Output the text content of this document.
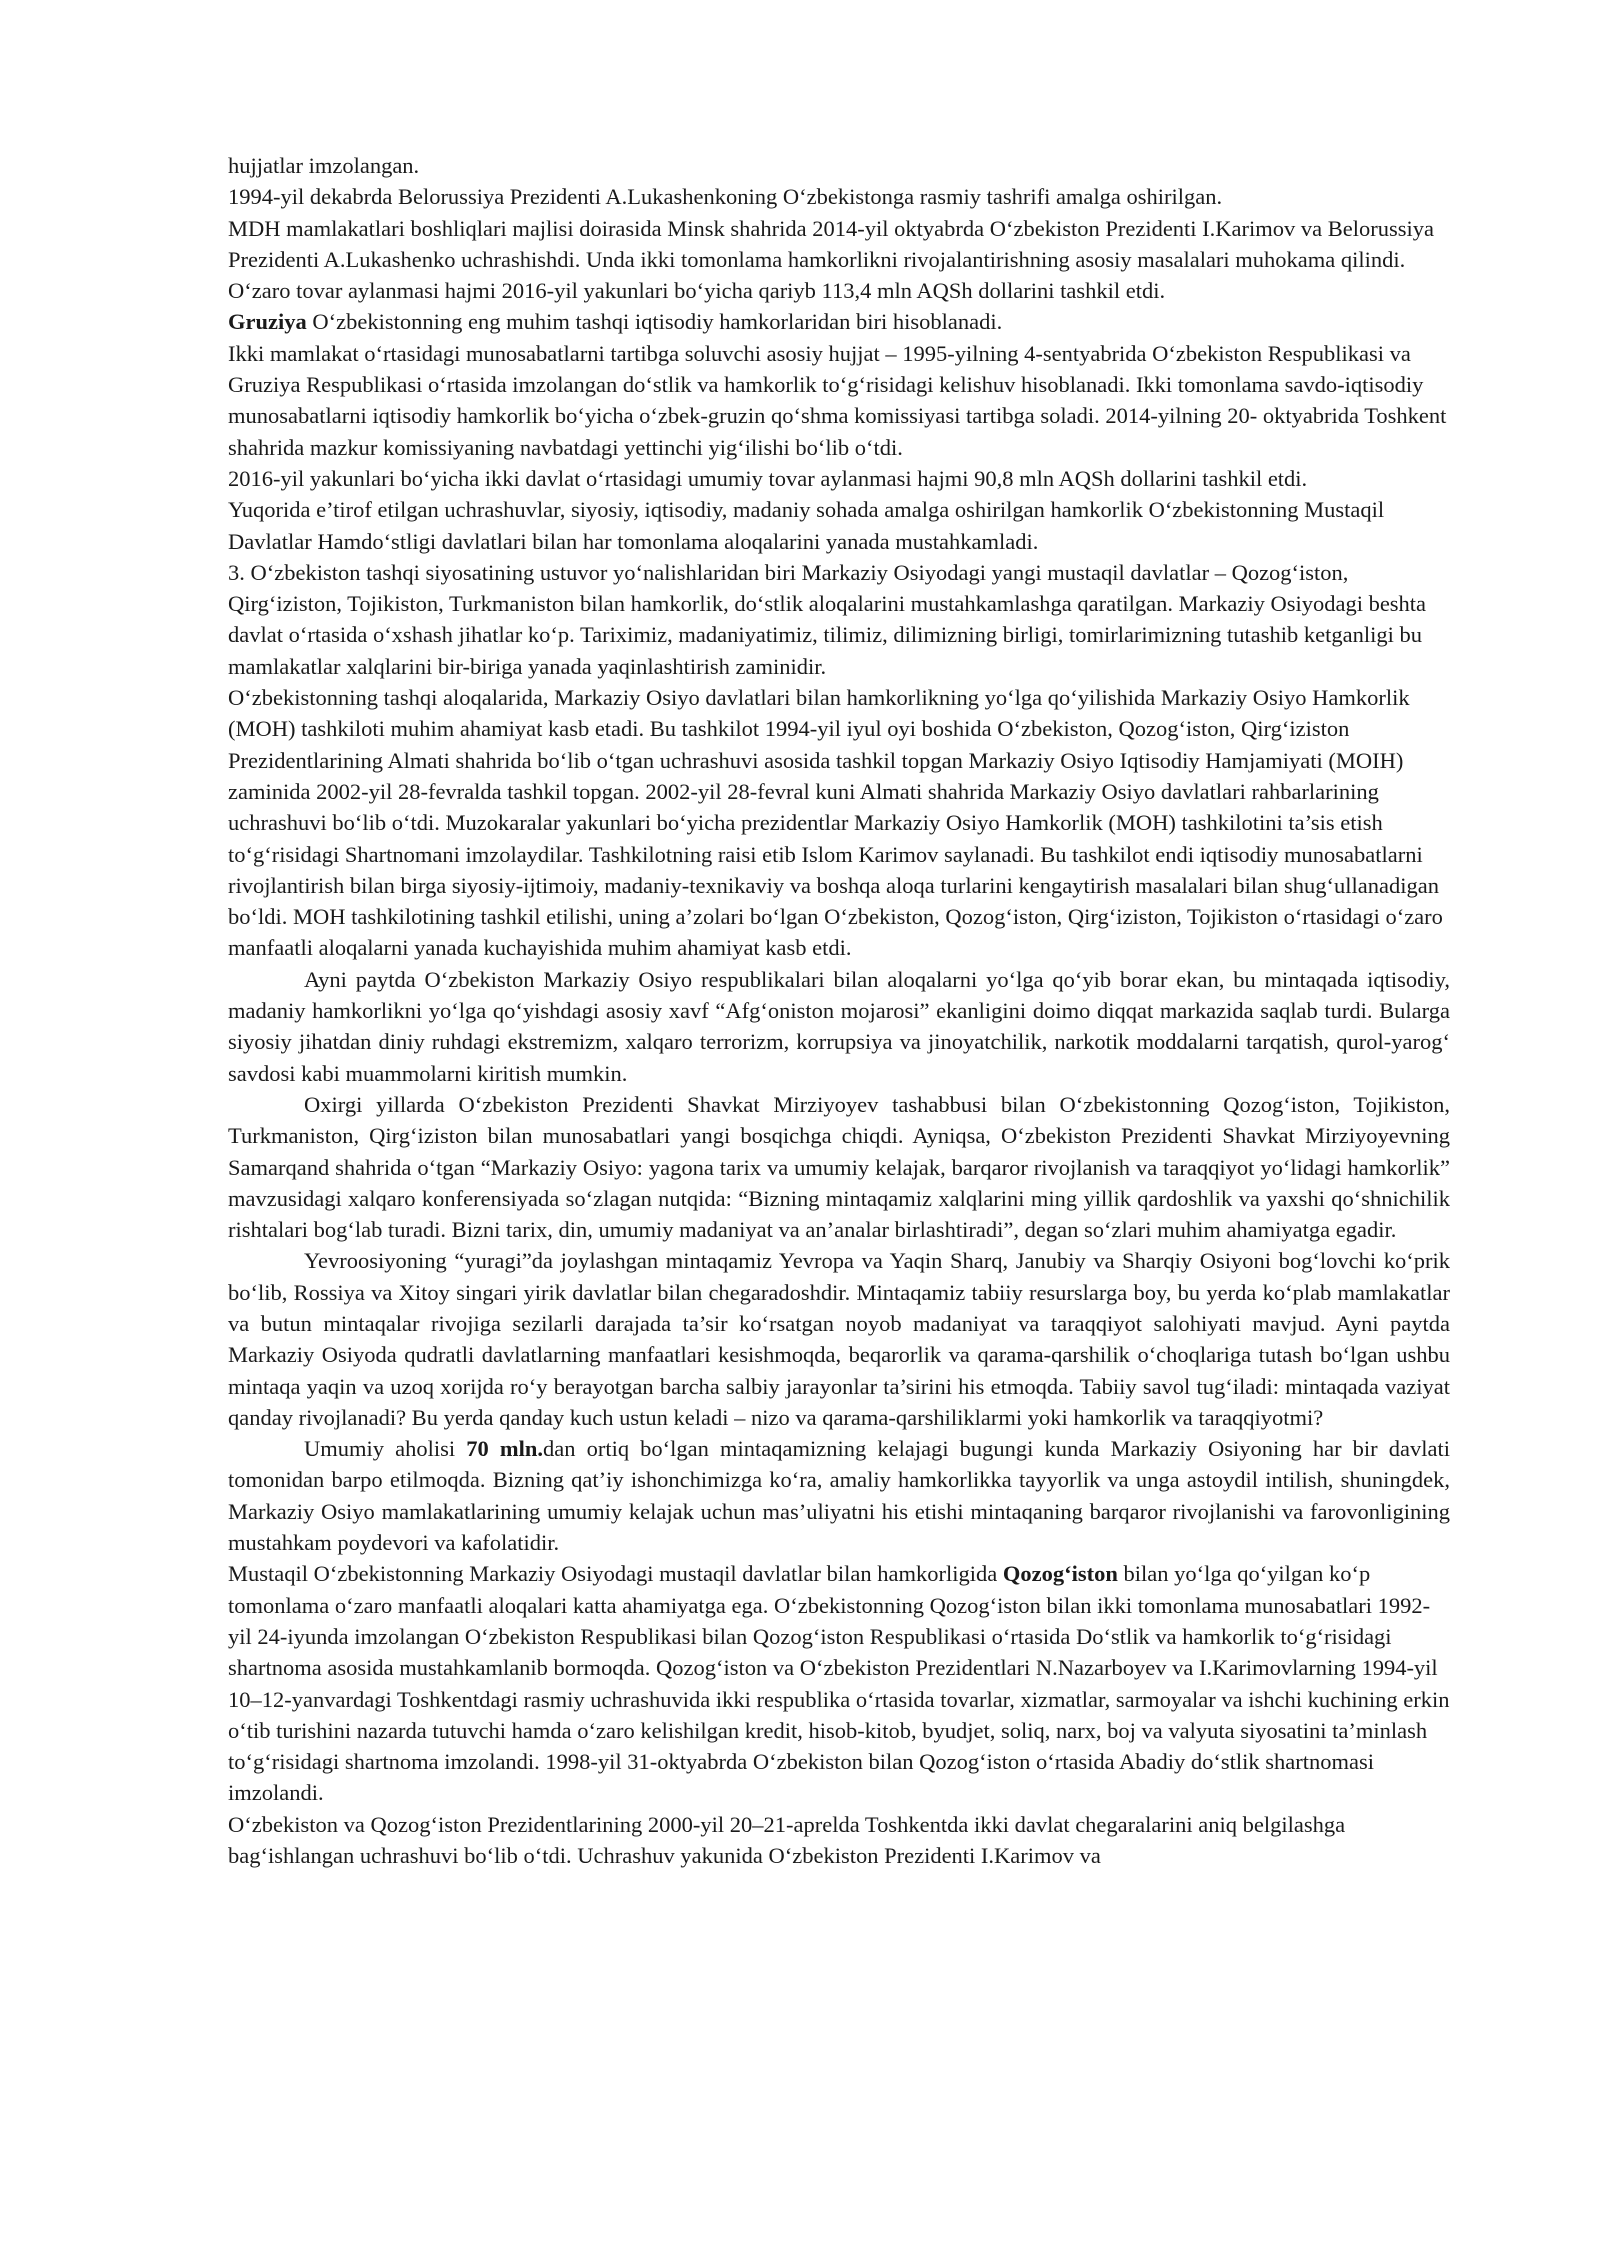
hujjatlar imzolangan.

1994-yil dekabrda Belorussiya Prezidenti A.Lukashenkoning O‘zbekistonga rasmiy tashrifi amalga oshirilgan.

MDH mamlakatlari boshliqlari majlisi doirasida Minsk shahrida 2014-yil oktyabrda O‘zbekiston Prezidenti I.Karimov va Belorussiya Prezidenti A.Lukashenko uchrashishdi. Unda ikki tomonlama hamkorlikni rivojalantirishning asosiy masalalari muhokama qilindi.

O‘zaro tovar aylanmasi hajmi 2016-yil yakunlari bo‘yicha qariyb 113,4 mln AQSh dollarini tashkil etdi.

Gruziya O‘zbekistonning eng muhim tashqi iqtisodiy hamkorlaridan biri hisoblanadi.

Ikki mamlakat o‘rtasidagi munosabatlarni tartibga soluvchi asosiy hujjat – 1995-yilning 4-sentyabrida O‘zbekiston Respublikasi va Gruziya Respublikasi o‘rtasida imzolangan do‘stlik va hamkorlik to‘g‘risidagi kelishuv hisoblanadi. Ikki tomonlama savdo-iqtisodiy munosabatlarni iqtisodiy hamkorlik bo‘yicha o‘zbek-gruzin qo‘shma komissiyasi tartibga soladi. 2014-yilning 20- oktyabrida Toshkent shahrida mazkur komissiyaning navbatdagi yettinchi yig‘ilishi bo‘lib o‘tdi.

2016-yil yakunlari bo‘yicha ikki davlat o‘rtasidagi umumiy tovar aylanmasi hajmi 90,8 mln AQSh dollarini tashkil etdi.

Yuqorida e’tirof etilgan uchrashuvlar, siyosiy, iqtisodiy, madaniy sohada amalga oshirilgan hamkorlik O‘zbekistonning Mustaqil Davlatlar Hamdo‘stligi davlatlari bilan har tomonlama aloqalarini yanada mustahkamladi.

3. O‘zbekiston tashqi siyosatining ustuvor yo‘nalishlaridan biri Markaziy Osiyodagi yangi mustaqil davlatlar – Qozog‘iston, Qirg‘iziston, Tojikiston, Turkmaniston bilan hamkorlik, do‘stlik aloqalarini mustahkamlashga qaratilgan. Markaziy Osiyodagi beshta davlat o‘rtasida o‘xshash jihatlar ko‘p. Tariximiz, madaniyatimiz, tilimiz, dilimizning birligi, tomirlarimizning tutashib ketganligi bu mamlakatlar xalqlarini bir-biriga yanada yaqinlashtirish zaminidir.

O‘zbekistonning tashqi aloqalarida, Markaziy Osiyo davlatlari bilan hamkorlikning yo‘lga qo‘yilishida Markaziy Osiyo Hamkorlik (MOH) tashkiloti muhim ahamiyat kasb etadi. Bu tashkilot 1994-yil iyul oyi boshida O‘zbekiston, Qozog‘iston, Qirg‘iziston Prezidentlarining Almati shahrida bo‘lib o‘tgan uchrashuvi asosida tashkil topgan Markaziy Osiyo Iqtisodiy Hamjamiyati (MOIH) zaminida 2002-yil 28-fevralda tashkil topgan. 2002-yil 28-fevral kuni Almati shahrida Markaziy Osiyo davlatlari rahbarlarining uchrashuvi bo‘lib o‘tdi. Muzokaralar yakunlari bo‘yicha prezidentlar Markaziy Osiyo Hamkorlik (MOH) tashkilotini ta’sis etish to‘g‘risidagi Shartnomani imzolaydilar. Tashkilotning raisi etib Islom Karimov saylanadi. Bu tashkilot endi iqtisodiy munosabatlarni rivojlantirish bilan birga siyosiy-ijtimoiy, madaniy-texnikaviy va boshqa aloqa turlarini kengaytirish masalalari bilan shug‘ullanadigan bo‘ldi. MOH tashkilotining tashkil etilishi, uning a’zolari bo‘lgan O‘zbekiston, Qozog‘iston, Qirg‘iziston, Tojikiston o‘rtasidagi o‘zaro manfaatli aloqalarni yanada kuchayishida muhim ahamiyat kasb etdi.

Ayni paytda O‘zbekiston Markaziy Osiyo respublikalari bilan aloqalarni yo‘lga qo‘yib borar ekan, bu mintaqada iqtisodiy, madaniy hamkorlikni yo‘lga qo‘yishdagi asosiy xavf “Afg‘oniston mojarosi” ekanligini doimo diqqat markazida saqlab turdi. Bularga siyosiy jihatdan diniy ruhdagi ekstremizm, xalqaro terrorizm, korrupsiya va jinoyatchilik, narkotik moddalarni tarqatish, qurol-yarog‘ savdosi kabi muammolarni kiritish mumkin.

Oxirgi yillarda O‘zbekiston Prezidenti Shavkat Mirziyoyev tashabbusi bilan O‘zbekistonning Qozog‘iston, Tojikiston, Turkmaniston, Qirg‘iziston bilan munosabatlari yangi bosqichga chiqdi. Ayniqsa, O‘zbekiston Prezidenti Shavkat Mirziyoyevning Samarqand shahrida o‘tgan “Markaziy Osiyo: yagona tarix va umumiy kelajak, barqaror rivojlanish va taraqqiyot yo‘lidagi hamkorlik” mavzusidagi xalqaro konferensiyada so‘zlagan nutqida: “Bizning mintaqamiz xalqlarini ming yillik qardoshlik va yaxshi qo‘shnichilik rishtalari bog‘lab turadi. Bizni tarix, din, umumiy madaniyat va an’analar birlashtiradi”, degan so‘zlari muhim ahamiyatga egadir.

Yevroosiyoning “yuragi”da joylashgan mintaqamiz Yevropa va Yaqin Sharq, Janubiy va Sharqiy Osiyoni bog‘lovchi ko‘prik bo‘lib, Rossiya va Xitoy singari yirik davlatlar bilan chegaradoshdir. Mintaqamiz tabiiy resurslarga boy, bu yerda ko‘plab mamlakatlar va butun mintaqalar rivojiga sezilarli darajada ta’sir ko‘rsatgan noyob madaniyat va taraqqiyot salohiyati mavjud. Ayni paytda Markaziy Osiyoda qudratli davlatlarning manfaatlari kesishmoqda, beqarorlik va qarama-qarshilik o‘choqlariga tutash bo‘lgan ushbu mintaqa yaqin va uzoq xorijda ro‘y berayotgan barcha salbiy jarayonlar ta’sirini his etmoqda. Tabiiy savol tug‘iladi: mintaqada vaziyat qanday rivojlanadi? Bu yerda qanday kuch ustun keladi – nizo va qarama-qarshiliklarmi yoki hamkorlik va taraqqiyotmi?

Umumiy aholisi 70 mln.dan ortiq bo‘lgan mintaqamizning kelajagi bugungi kunda Markaziy Osiyoning har bir davlati tomonidan barpo etilmoqda. Bizning qat’iy ishonchimizga ko‘ra, amaliy hamkorlikka tayyorlik va unga astoydil intilish, shuningdek, Markaziy Osiyo mamlakatlarining umumiy kelajak uchun mas’uliyatni his etishi mintaqaning barqaror rivojlanishi va farovonligining mustahkam poydevori va kafolatidir.

Mustaqil O‘zbekistonning Markaziy Osiyodagi mustaqil davlatlar bilan hamkorligida Qozog‘iston bilan yo‘lga qo‘yilgan ko‘p tomonlama o‘zaro manfaatli aloqalari katta ahamiyatga ega. O‘zbekistonning Qozog‘iston bilan ikki tomonlama munosabatlari 1992-yil 24-iyunda imzolangan O‘zbekiston Respublikasi bilan Qozog‘iston Respublikasi o‘rtasida Do‘stlik va hamkorlik to‘g‘risidagi shartnoma asosida mustahkamlanib bormoqda. Qozog‘iston va O‘zbekiston Prezidentlari N.Nazarboyev va I.Karimovlarning 1994-yil 10–12-yanvardagi Toshkentdagi rasmiy uchrashuvida ikki respublika o‘rtasida tovarlar, xizmatlar, sarmoyalar va ishchi kuchining erkin o‘tib turishini nazarda tutuvchi hamda o‘zaro kelishilgan kredit, hisob-kitob, byudjet, soliq, narx, boj va valyuta siyosatini ta’minlash to‘g‘risidagi shartnoma imzolandi. 1998-yil 31-oktyabrda O‘zbekiston bilan Qozog‘iston o‘rtasida Abadiy do‘stlik shartnomasi imzolandi.

O‘zbekiston va Qozog‘iston Prezidentlarining 2000-yil 20–21-aprelda Toshkentda ikki davlat chegaralarini aniq belgilashga bag‘ishlangan uchrashuvi bo‘lib o‘tdi. Uchrashuv yakunida O‘zbekiston Prezidenti I.Karimov va
